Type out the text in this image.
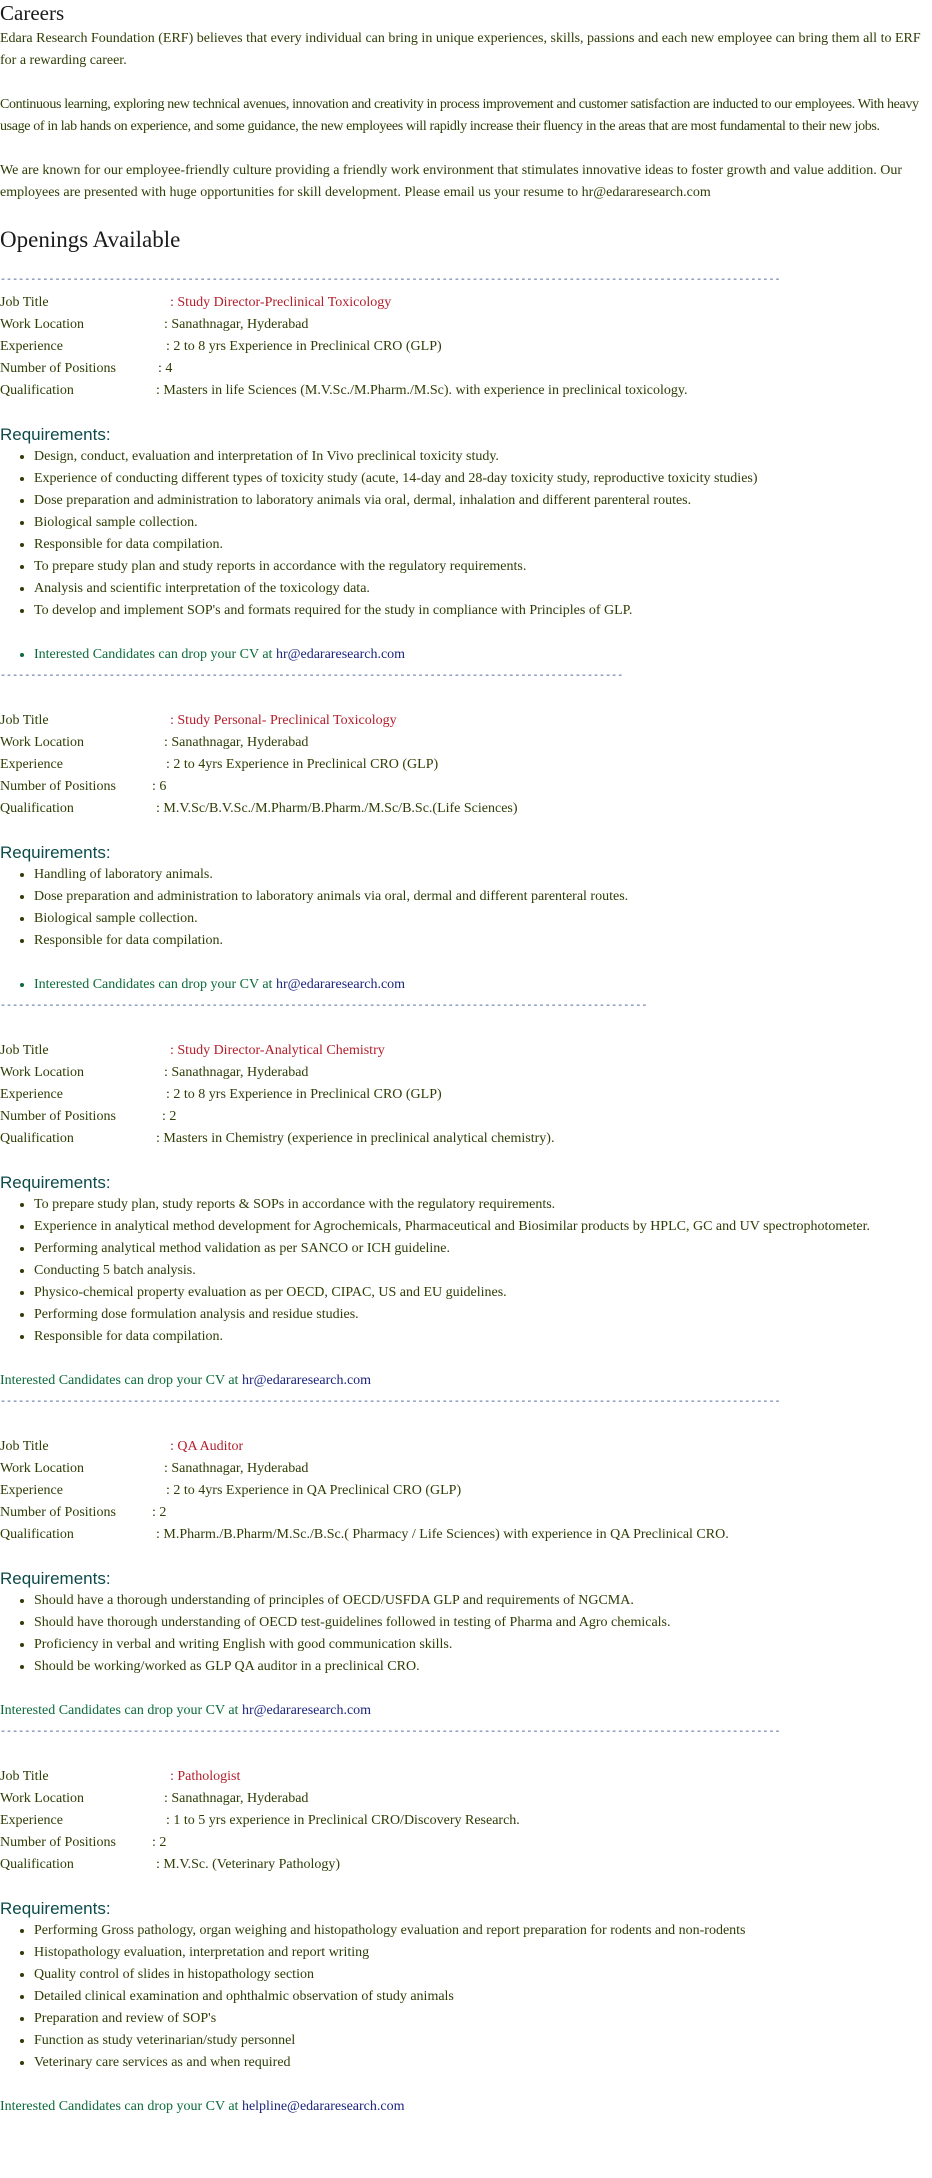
Careers

Edara Research Foundation (ERF) believes that every individual can bring in unique experiences, skills, passions and each new employee can bring them all to ERF for a rewarding career.

Continuous learning, exploring new technical avenues, innovation and creativity in process improvement and customer satisfaction are inducted to our employees. With heavy usage of in lab hands on experience, and some guidance, the new employees will rapidly increase their fluency in the areas that are most fundamental to their new jobs.

We are known for our employee-friendly culture providing a friendly work environment that stimulates innovative ideas to foster growth and value addition. Our employees are presented with huge opportunities for skill development. Please email us your resume to hr@edararesearch.com

Openings Available
---------------------------------------------------------------------------------------------------------------------------------
Job Title	: Study Director-Preclinical Toxicology
Work Location	: Sanathnagar, Hyderabad
Experience	: 2 to 8 yrs Experience in Preclinical CRO (GLP)
Number of Positions	: 4
Qualification	: Masters in life Sciences (M.V.Sc./M.Pharm./M.Sc). with experience in preclinical toxicology.
Requirements:
• Design, conduct, evaluation and interpretation of In Vivo preclinical toxicity study.
• Experience of conducting different types of toxicity study (acute, 14-day and 28-day toxicity study, reproductive toxicity studies)
• Dose preparation and administration to laboratory animals via oral, dermal, inhalation and different parenteral routes.
• Biological sample collection.
• Responsible for data compilation.
• To prepare study plan and study reports in accordance with the regulatory requirements.
• Analysis and scientific interpretation of the toxicology data.
• To develop and implement SOP's and formats required for the study in compliance with Principles of GLP.
• Interested Candidates can drop your CV at hr@edararesearch.com
-------------------------------------------------------------------------------------------------------
Job Title	: Study Personal- Preclinical Toxicology
Work Location	: Sanathnagar, Hyderabad
Experience	: 2 to 4yrs Experience in Preclinical CRO (GLP)
Number of Positions	: 6
Qualification	: M.V.Sc/B.V.Sc./M.Pharm/B.Pharm./M.Sc/B.Sc.(Life Sciences)
Requirements:
• Handling of laboratory animals.
• Dose preparation and administration to laboratory animals via oral, dermal and different parenteral routes.
• Biological sample collection.
• Responsible for data compilation.
• Interested Candidates can drop your CV at hr@edararesearch.com
-----------------------------------------------------------------------------------------------------------
Job Title	: Study Director-Analytical Chemistry
Work Location	: Sanathnagar, Hyderabad
Experience	: 2 to 8 yrs Experience in Preclinical CRO (GLP)
Number of Positions	: 2
Qualification	: Masters in Chemistry (experience in preclinical analytical chemistry).
Requirements:
• To prepare study plan, study reports & SOPs in accordance with the regulatory requirements.
• Experience in analytical method development for Agrochemicals, Pharmaceutical and Biosimilar products by HPLC, GC and UV spectrophotometer.
• Performing analytical method validation as per SANCO or ICH guideline.
• Conducting 5 batch analysis.
• Physico-chemical property evaluation as per OECD, CIPAC, US and EU guidelines.
• Performing dose formulation analysis and residue studies.
• Responsible for data compilation.
Interested Candidates can drop your CV at hr@edararesearch.com
---------------------------------------------------------------------------------------------------------------------------------
Job Title	: QA Auditor
Work Location	: Sanathnagar, Hyderabad
Experience	: 2 to 4yrs Experience in QA Preclinical CRO (GLP)
Number of Positions	: 2
Qualification	: M.Pharm./B.Pharm/M.Sc./B.Sc.( Pharmacy / Life Sciences) with experience in QA Preclinical CRO.
Requirements:
• Should have a thorough understanding of principles of OECD/USFDA GLP and requirements of NGCMA.
• Should have thorough understanding of OECD test-guidelines followed in testing of Pharma and Agro chemicals.
• Proficiency in verbal and writing English with good communication skills.
• Should be working/worked as GLP QA auditor in a preclinical CRO.
Interested Candidates can drop your CV at hr@edararesearch.com
---------------------------------------------------------------------------------------------------------------------------------
Job Title	: Pathologist
Work Location	: Sanathnagar, Hyderabad
Experience	: 1 to 5 yrs experience in Preclinical CRO/Discovery Research.
Number of Positions	: 2
Qualification	: M.V.Sc. (Veterinary Pathology)
Requirements:
• Performing Gross pathology, organ weighing and histopathology evaluation and report preparation for rodents and non-rodents
• Histopathology evaluation, interpretation and report writing
• Quality control of slides in histopathology section
• Detailed clinical examination and ophthalmic observation of study animals
• Preparation and review of SOP's
• Function as study veterinarian/study personnel
• Veterinary care services as and when required
Interested Candidates can drop your CV at helpline@edararesearch.com
